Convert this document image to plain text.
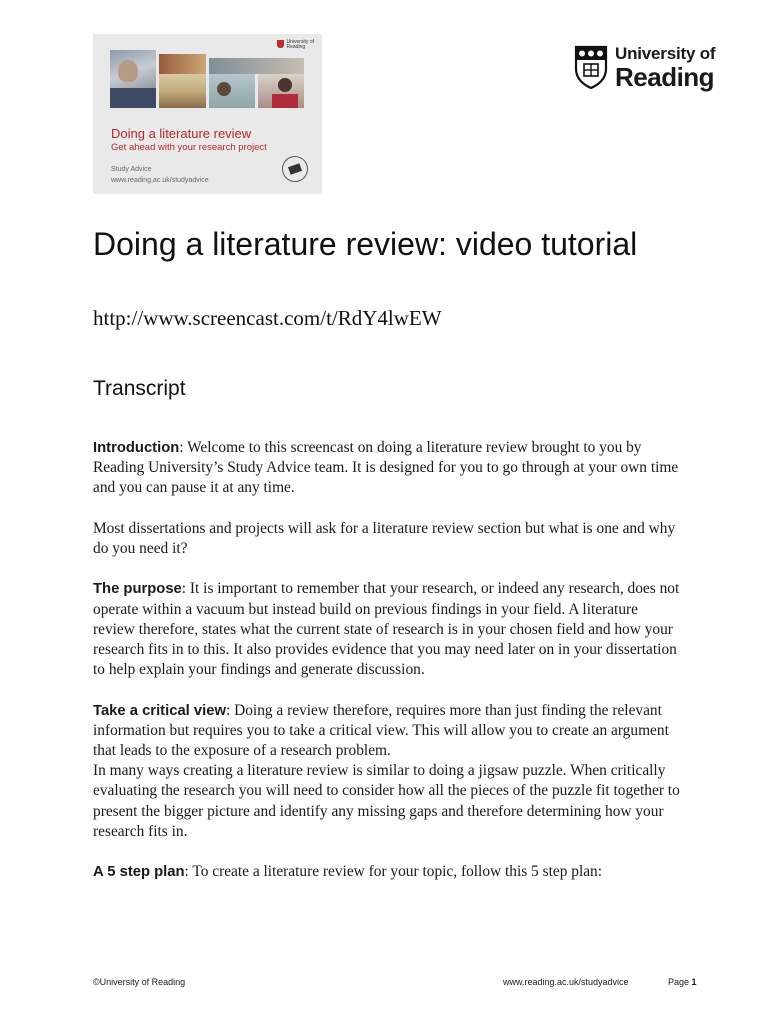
University of
Reading
Doing a literature review
Get ahead with your research project
Study Advice
www.reading.ac.uk/studyadvice
University of
Reading
Doing a literature review: video tutorial
http://www.screencast.com/t/RdY4lwEW
Transcript

Introduction: Welcome to this screencast on doing a literature review brought to you by Reading University’s Study Advice team. It is designed for you to go through at your own time and you can pause it at any time.

Most dissertations and projects will ask for a literature review section but what is one and why do you need it?

The purpose: It is important to remember that your research, or indeed any research, does not operate within a vacuum but instead build on previous findings in your field. A literature review therefore, states what the current state of research is in your chosen field and how your research fits in to this. It also provides evidence that you may need later on in your dissertation to help explain your findings and generate discussion.

Take a critical view: Doing a review therefore, requires more than just finding the relevant information but requires you to take a critical view. This will allow you to create an argument that leads to the exposure of a research problem.
In many ways creating a literature review is similar to doing a jigsaw puzzle. When critically evaluating the research you will need to consider how all the pieces of the puzzle fit together to present the bigger picture and identify any missing gaps and therefore determining how your research fits in.

A 5 step plan: To create a literature review for your topic, follow this 5 step plan:

©University of Reading	www.reading.ac.uk/studyadvice	Page 1
